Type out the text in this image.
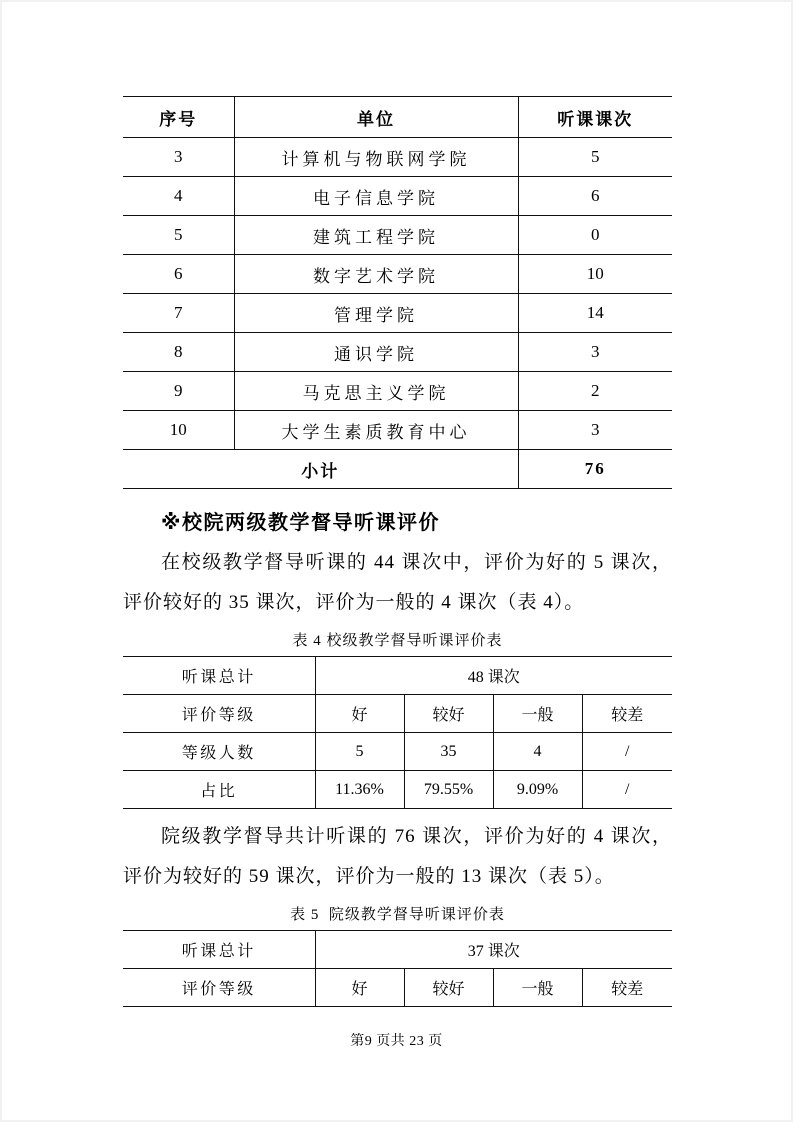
序号	单位	听课课次
3	计算机与物联网学院	5
4	电子信息学院	6
5	建筑工程学院	0
6	数字艺术学院	10
7	管理学院	14
8	通识学院	3
9	马克思主义学院	2
10	大学生素质教育中心	3
小计		76
※校院两级教学督导听课评价
在校级教学督导听课的 44 课次中，评价为好的 5 课次，
评价较好的 35 课次，评价为一般的 4 课次（表 4）。
表 4 校级教学督导听课评价表
听课总计	48 课次			
评价等级	好	较好	一般	较差
等级人数	5	35	4	/
占比	11.36%	79.55%	9.09%	/
院级教学督导共计听课的 76 课次，评价为好的 4 课次，
评价为较好的 59 课次，评价为一般的 13 课次（表 5）。
表 5  院级教学督导听课评价表
听课总计	37 课次			
评价等级	好	较好	一般	较差
第9 页共 23 页
